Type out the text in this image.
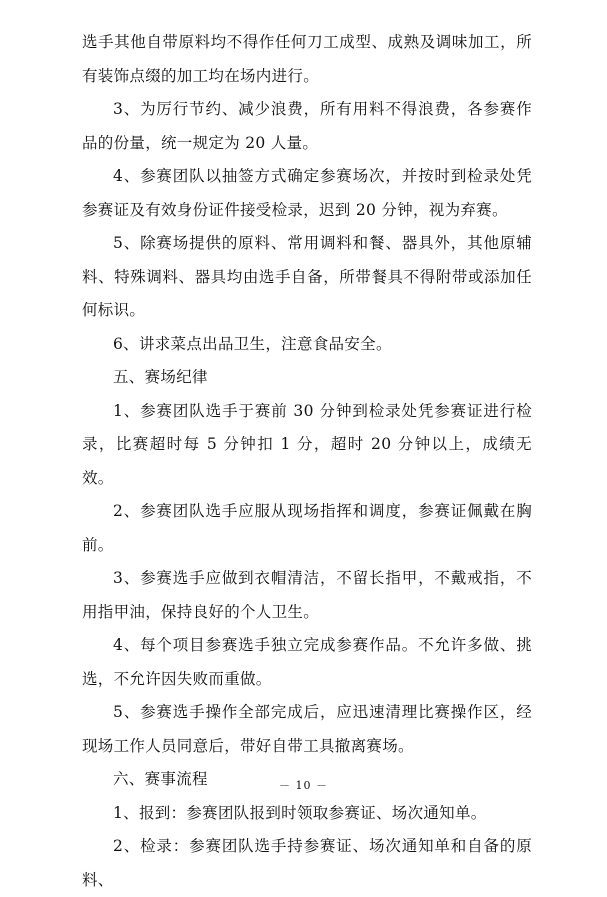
选手其他自带原料均不得作任何刀工成型、成熟及调味加工，所有装饰点缀的加工均在场内进行。

3、为厉行节约、减少浪费，所有用料不得浪费，各参赛作品的份量，统一规定为 20 人量。

4、参赛团队以抽签方式确定参赛场次，并按时到检录处凭参赛证及有效身份证件接受检录，迟到 20 分钟，视为弃赛。

5、除赛场提供的原料、常用调料和餐、器具外，其他原辅料、特殊调料、器具均由选手自备，所带餐具不得附带或添加任何标识。

6、讲求菜点出品卫生，注意食品安全。

五、赛场纪律

1、参赛团队选手于赛前 30 分钟到检录处凭参赛证进行检录，比赛超时每 5 分钟扣 1 分，超时 20 分钟以上，成绩无效。

2、参赛团队选手应服从现场指挥和调度，参赛证佩戴在胸前。

3、参赛选手应做到衣帽清洁，不留长指甲，不戴戒指，不用指甲油，保持良好的个人卫生。

4、每个项目参赛选手独立完成参赛作品。不允许多做、挑选，不允许因失败而重做。

5、参赛选手操作全部完成后，应迅速清理比赛操作区，经现场工作人员同意后，带好自带工具撤离赛场。

六、赛事流程

1、报到：参赛团队报到时领取参赛证、场次通知单。

2、检录：参赛团队选手持参赛证、场次通知单和自备的原料、

－ 10 －
